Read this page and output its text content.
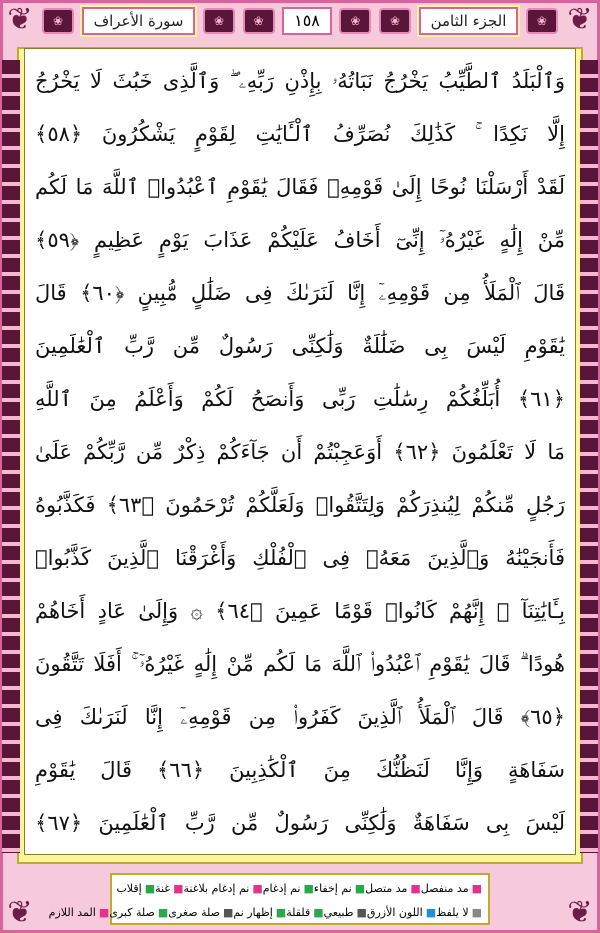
❦	❦
❦	❦
❀	سورة الأعراف	❀	❀	١٥٨	❀	❀	الجزء الثامن	❀
وَٱلْبَلَدُ ٱلطَّيِّبُ يَخْرُجُ نَبَاتُهُۥ بِإِذْنِ رَبِّهِۦ ۖ وَٱلَّذِى خَبُثَ لَا يَخْرُجُ
إِلَّا نَكِدًا ۚ كَذَٰلِكَ نُصَرِّفُ ٱلْـَٔايَٰتِ لِقَوْمٍ يَشْكُرُونَ ﴿٥٨﴾
لَقَدْ أَرْسَلْنَا نُوحًا إِلَىٰ قَوْمِهِۦ فَقَالَ يَٰقَوْمِ ٱعْبُدُوا۟ ٱللَّهَ مَا لَكُم
مِّنْ إِلَٰهٍ غَيْرُهُۥٓ إِنِّىٓ أَخَافُ عَلَيْكُمْ عَذَابَ يَوْمٍ عَظِيمٍ ﴿٥٩﴾
قَالَ ٱلْمَلَأُ مِن قَوْمِهِۦٓ إِنَّا لَنَرَىٰكَ فِى ضَلَٰلٍ مُّبِينٍ ﴿٦٠﴾ قَالَ
يَٰقَوْمِ لَيْسَ بِى ضَلَٰلَةٌ وَلَٰكِنِّى رَسُولٌ مِّن رَّبِّ ٱلْعَٰلَمِينَ
﴿٦١﴾ أُبَلِّغُكُمْ رِسَٰلَٰتِ رَبِّى وَأَنصَحُ لَكُمْ وَأَعْلَمُ مِنَ ٱللَّهِ
مَا لَا تَعْلَمُونَ ﴿٦٢﴾ أَوَعَجِبْتُمْ أَن جَآءَكُمْ ذِكْرٌ مِّن رَّبِّكُمْ عَلَىٰ
رَجُلٍ مِّنكُمْ لِيُنذِرَكُمْ وَلِتَتَّقُوا۟ وَلَعَلَّكُمْ تُرْحَمُونَ ﴿٦٣﴾ فَكَذَّبُوهُ
فَأَنجَيْنَٰهُ وَٱلَّذِينَ مَعَهُۥ فِى ٱلْفُلْكِ وَأَغْرَقْنَا ٱلَّذِينَ كَذَّبُوا۟
بِـَٔايَٰتِنَآ ۚ إِنَّهُمْ كَانُوا۟ قَوْمًا عَمِينَ ﴿٦٤﴾ ۞ وَإِلَىٰ عَادٍ أَخَاهُمْ
هُودًا ۗ قَالَ يَٰقَوْمِ ٱعْبُدُوا۟ ٱللَّهَ مَا لَكُم مِّنْ إِلَٰهٍ غَيْرُهُۥٓ ۚ أَفَلَا تَتَّقُونَ
﴿٦٥﴾ قَالَ ٱلْمَلَأُ ٱلَّذِينَ كَفَرُوا۟ مِن قَوْمِهِۦٓ إِنَّا لَنَرَىٰكَ فِى
سَفَاهَةٍ وَإِنَّا لَنَظُنُّكَ مِنَ ٱلْكَٰذِبِينَ ﴿٦٦﴾ قَالَ يَٰقَوْمِ
لَيْسَ بِى سَفَاهَةٌ وَلَٰكِنِّى رَسُولٌ مِّن رَّبِّ ٱلْعَٰلَمِينَ ﴿٦٧﴾
■مد منفصل
■مد متصل
■نم إخفاء
■نم إدغام
■نم إدغام بلاغنة
■غنة
■إقلاب
■لا يلفظ
■اللون الأزرق
■طبيعي
■قلقلة
■إظهار نم
■صلة صغرى
■صلة كبرى
■المد اللازم
